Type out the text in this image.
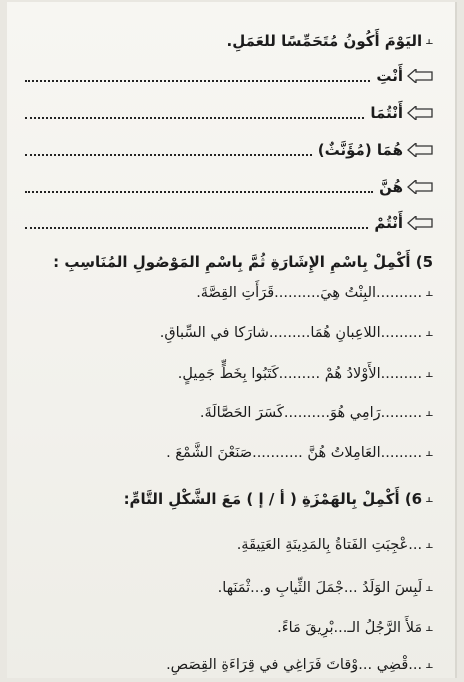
⫠
اليَوْمَ أَكُونُ مُتَحَمِّسًا للعَمَلِ.
أَنْتِ
أَنْتُمَا
هُمَا (مُؤَنَّثٌ)
هُنَّ
أَنْتُمْ
5) أَكْمِلْ بِاسْمِ الإِشَارَةِ ثُمَّ بِاسْمِ المَوْصُولِ المُنَاسِبِ :
⫠
..........البِنْتُ هِيَ..........قَرَأَتِ القِصَّةَ.
⫠
.........اللاعِبانِ هُمَا.........شارَكا في السِّباقِ.
⫠
.........الأَوْلادُ هُمْ .........كَتَبُوا بِخَطٍّ جَمِيلٍ.
⫠
.........رَامِي هُوَ..........كَسَرَ الحَصَّالَةَ.
⫠
.........العَامِلاتُ هُنَّ ...........صَنَعْنَ الشَّمْعَ .
⫠
6) أَكْمِلْ بِالهَمْزَةِ ( أ / إ ) مَعَ الشَّكْلِ التَّامِّ:
⫠
...عْجِبَتِ الفَتاةُ بِالمَدِينَةِ العَتِيقَةِ.
⫠
لَبِسَ الوَلَدُ ...جْمَلَ الثِّيابِ و...ثْمَنَها.
⫠
مَلأَ الرَّجُلُ الـ...بْرِيقَ مَاءً.
⫠
...قْضِي ...وْقاتَ فَرَاغِي في قِرَاءَةِ القِصَصِ.
